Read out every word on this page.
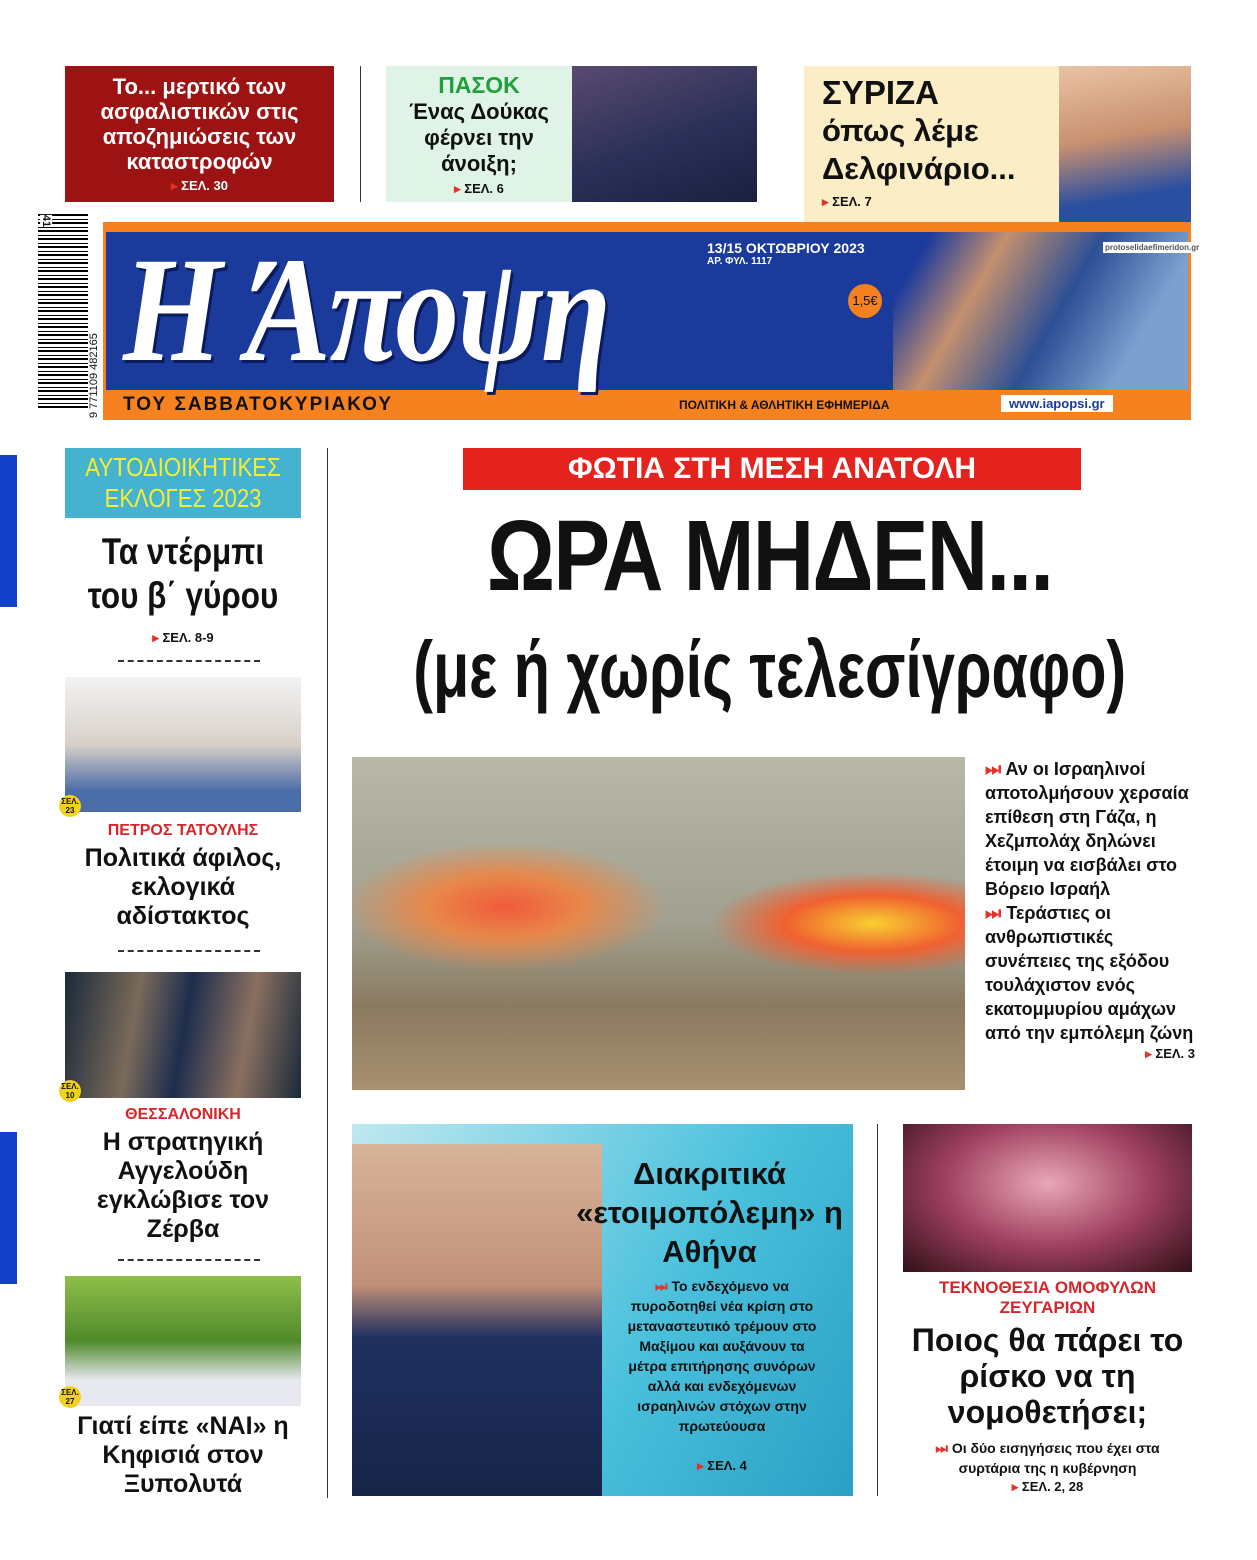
Το... μερτικό των ασφαλιστικών στις αποζημιώσεις των καταστροφών
▸ ΣΕΛ. 30
ΠΑΣΟΚ
Ένας Δούκας φέρνει την άνοιξη;
▸ ΣΕΛ. 6
ΣΥΡΙΖΑ
όπως λέμε Δελφινάριο...
▸ ΣΕΛ. 7
Η Άποψη	13/15 ΟΚΤΩΒΡΙΟΥ 2023
ΑΡ. ΦΥΛ. 1117
1,5€
protoselidaefimeridon.gr
ΤΟΥ ΣΑΒΒΑΤΟΚΥΡΙΑΚΟΥ	ΠΟΛΙΤΙΚΗ & ΑΘΛΗΤΙΚΗ ΕΦΗΜΕΡΙΔΑ	www.iapopsi.gr
41
9 771109 482165
ΑΥΤΟΔΙΟΙΚΗΤΙΚΕΣ ΕΚΛΟΓΕΣ 2023
Τα ντέρμπι του β΄ γύρου
▸ ΣΕΛ. 8-9
ΣΕΛ. 23
ΠΕΤΡΟΣ ΤΑΤΟΥΛΗΣ
Πολιτικά άφιλος, εκλογικά αδίστακτος
ΣΕΛ. 10
ΘΕΣΣΑΛΟΝΙΚΗ
Η στρατηγική Αγγελούδη εγκλώβισε τον Ζέρβα
ΣΕΛ. 27
Γιατί είπε «ΝΑΙ» η Κηφισιά στον Ξυπολυτά
ΦΩΤΙΑ ΣΤΗ ΜΕΣΗ ΑΝΑΤΟΛΗ
ΩΡΑ ΜΗΔΕΝ...
(με ή χωρίς τελεσίγραφο)
⏭ Αν οι Ισραηλινοί αποτολμήσουν χερσαία επίθεση στη Γάζα, η Χεζμπολάχ δηλώνει έτοιμη να εισβάλει στο Βόρειο Ισραήλ
⏭ Τεράστιες οι ανθρωπιστικές συνέπειες της εξόδου τουλάχιστον ενός εκατομμυρίου αμάχων από την εμπόλεμη ζώνη
▸ ΣΕΛ. 3
Διακριτικά «ετοιμοπόλεμη» η Αθήνα
⏭ Το ενδεχόμενο να πυροδοτηθεί νέα κρίση στο μεταναστευτικό τρέμουν στο Μαξίμου και αυξάνουν τα μέτρα επιτήρησης συνόρων αλλά και ενδεχόμενων ισραηλινών στόχων στην πρωτεύουσα
▸ ΣΕΛ. 4
ΤΕΚΝΟΘΕΣΙΑ ΟΜΟΦΥΛΩΝ ΖΕΥΓΑΡΙΩΝ
Ποιος θα πάρει το ρίσκο να τη νομοθετήσει;
⏭ Οι δύο εισηγήσεις που έχει στα συρτάρια της η κυβέρνηση
▸ ΣΕΛ. 2, 28
